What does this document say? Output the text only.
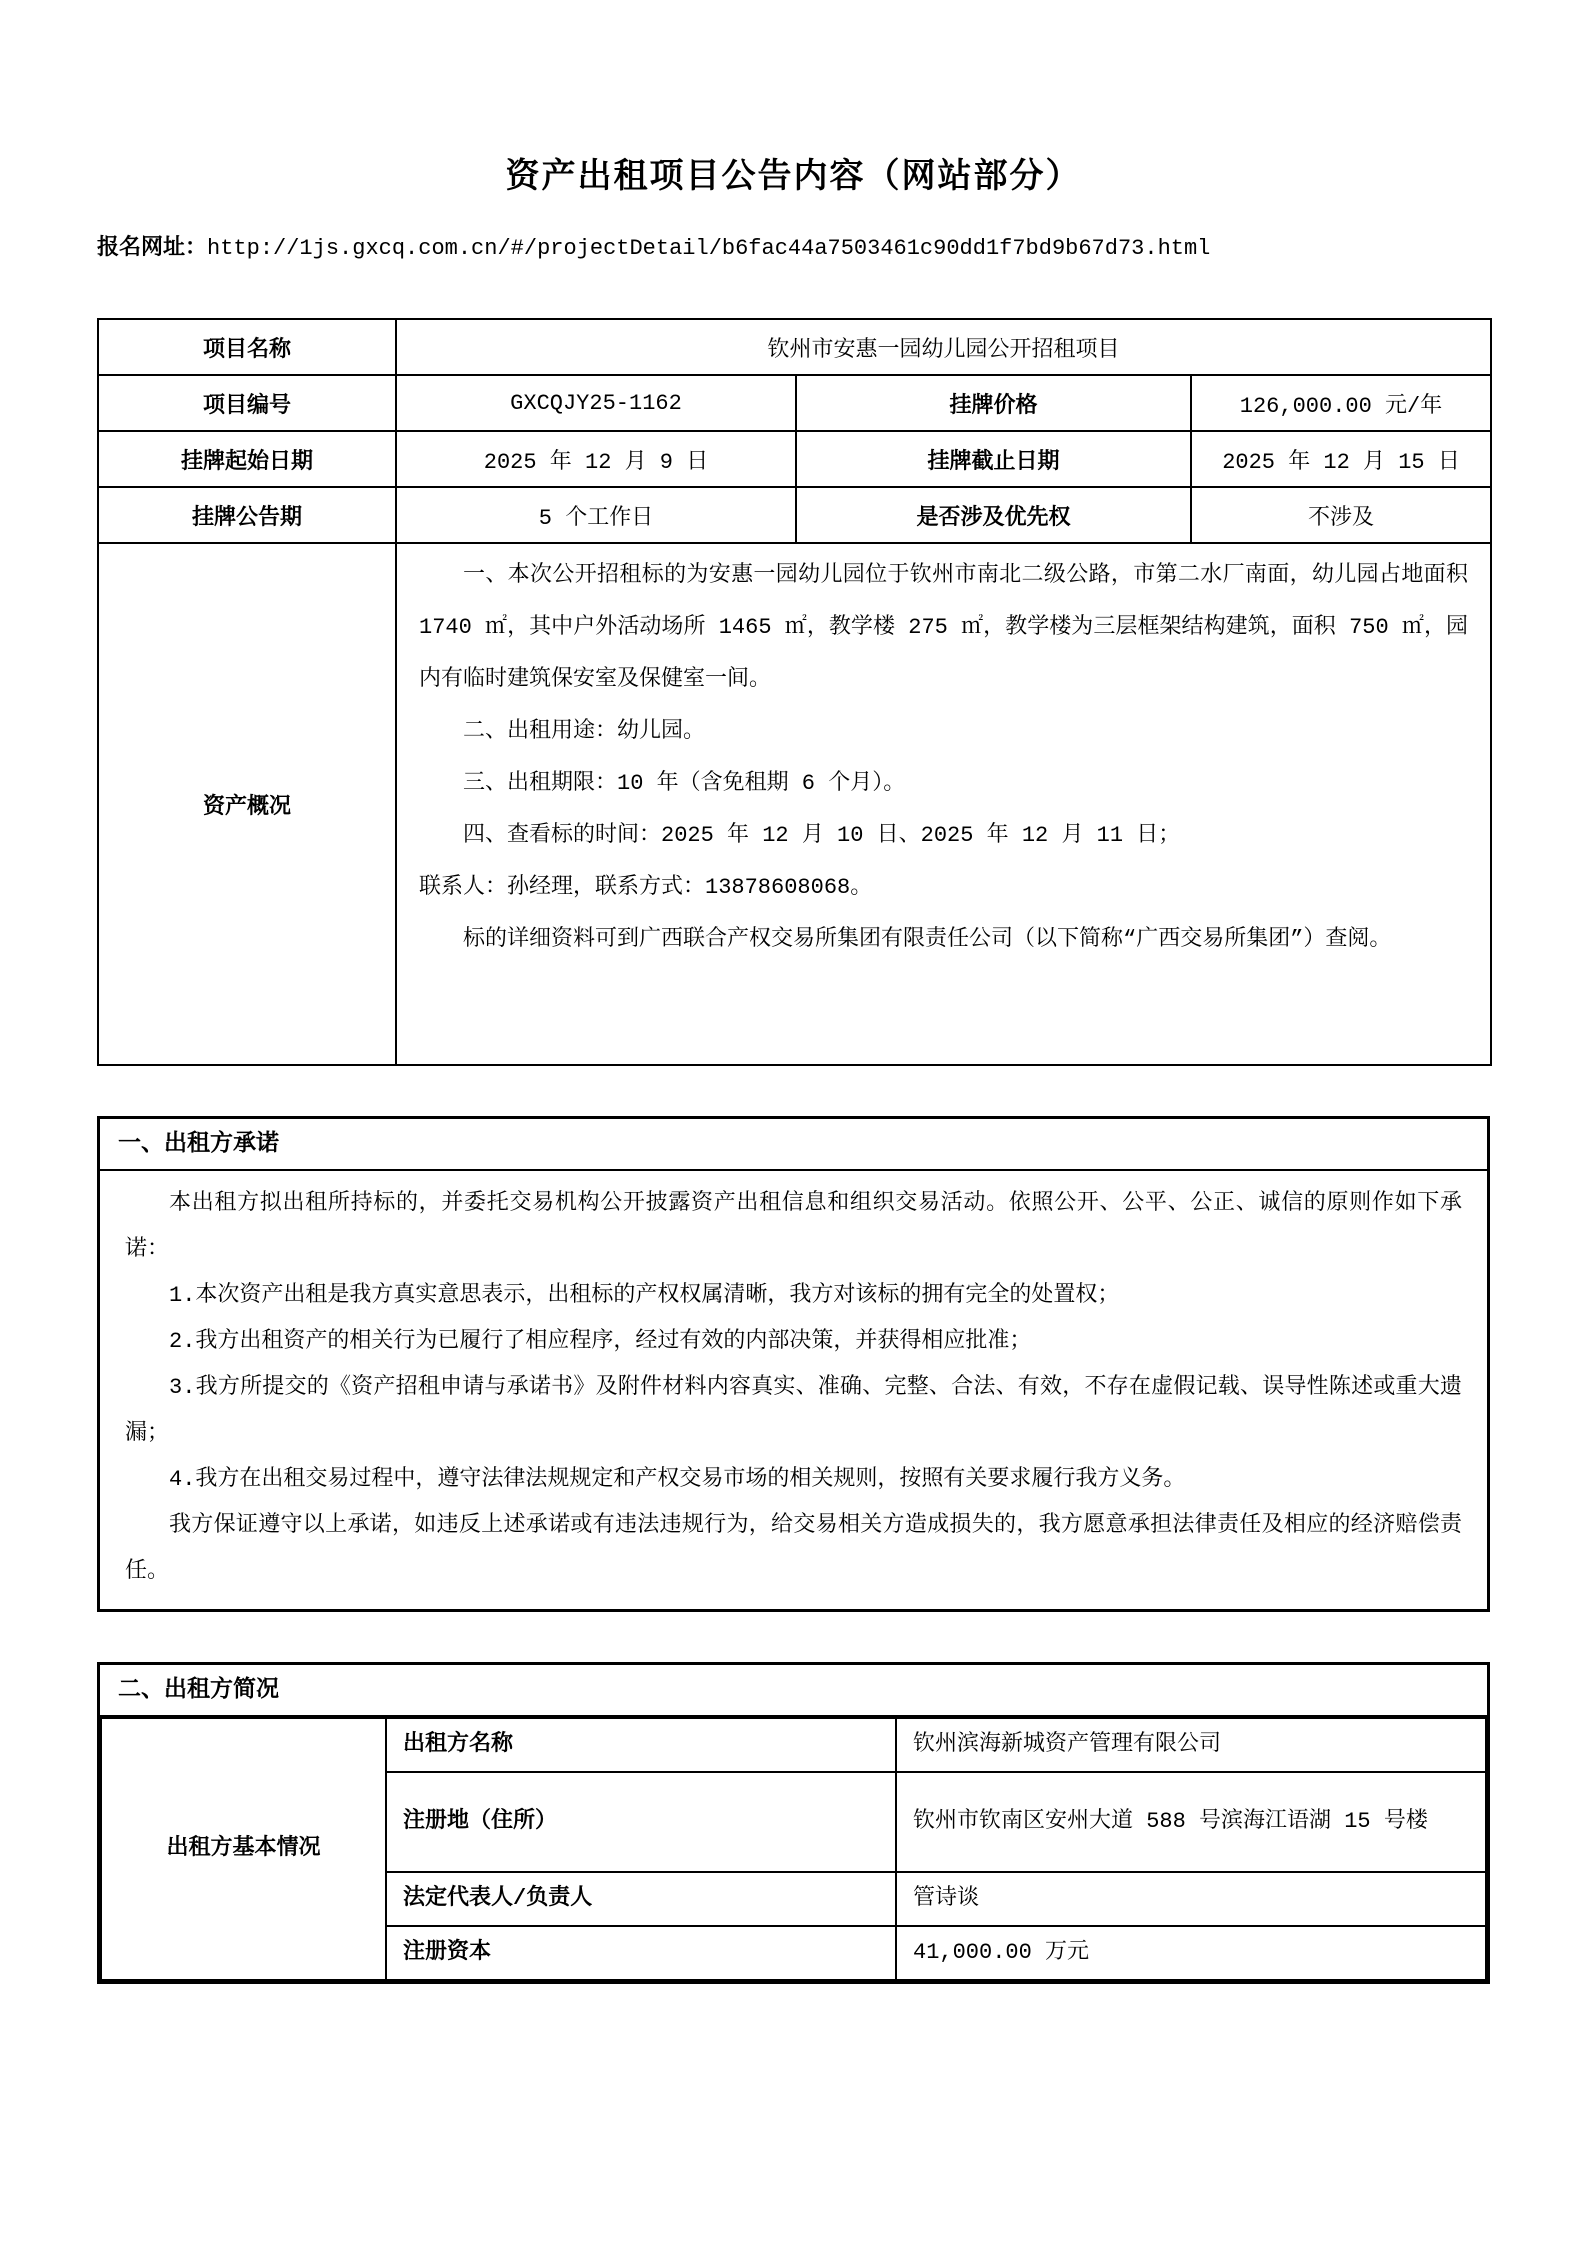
资产出租项目公告内容（网站部分）

报名网址：http://1js.gxcq.com.cn/#/projectDetail/b6fac44a7503461c90dd1f7bd9b67d73.html

项目名称	钦州市安惠一园幼儿园公开招租项目		
项目编号	GXCQJY25-1162	挂牌价格	126,000.00 元/年
挂牌起始日期	2025 年 12 月 9 日	挂牌截止日期	2025 年 12 月 15 日
挂牌公告期	5 个工作日	是否涉及优先权	不涉及
资产概况	

一、本次公开招租标的为安惠一园幼儿园位于钦州市南北二级公路，市第二水厂南面，幼儿园占地面积 1740 ㎡，其中户外活动场所 1465 ㎡，教学楼 275 ㎡，教学楼为三层框架结构建筑，面积 750 ㎡，园内有临时建筑保安室及保健室一间。

二、出租用途：幼儿园。

三、出租期限：10 年（含免租期 6 个月）。

四、查看标的时间：2025 年 12 月 10 日、2025 年 12 月 11 日；

联系人：孙经理，联系方式：13878608068。

标的详细资料可到广西联合产权交易所集团有限责任公司（以下简称“广西交易所集团”）查阅。

一、出租方承诺

本出租方拟出租所持标的，并委托交易机构公开披露资产出租信息和组织交易活动。依照公开、公平、公正、诚信的原则作如下承诺：

1.本次资产出租是我方真实意思表示，出租标的产权权属清晰，我方对该标的拥有完全的处置权；

2.我方出租资产的相关行为已履行了相应程序，经过有效的内部决策，并获得相应批准；

3.我方所提交的《资产招租申请与承诺书》及附件材料内容真实、准确、完整、合法、有效，不存在虚假记载、误导性陈述或重大遗漏；

4.我方在出租交易过程中，遵守法律法规规定和产权交易市场的相关规则，按照有关要求履行我方义务。

我方保证遵守以上承诺，如违反上述承诺或有违法违规行为，给交易相关方造成损失的，我方愿意承担法律责任及相应的经济赔偿责任。

二、出租方简况
出租方基本情况	出租方名称	钦州滨海新城资产管理有限公司
	注册地（住所）	钦州市钦南区安州大道 588 号滨海江语湖 15 号楼
	法定代表人/负责人	管诗谈
	注册资本	41,000.00 万元
